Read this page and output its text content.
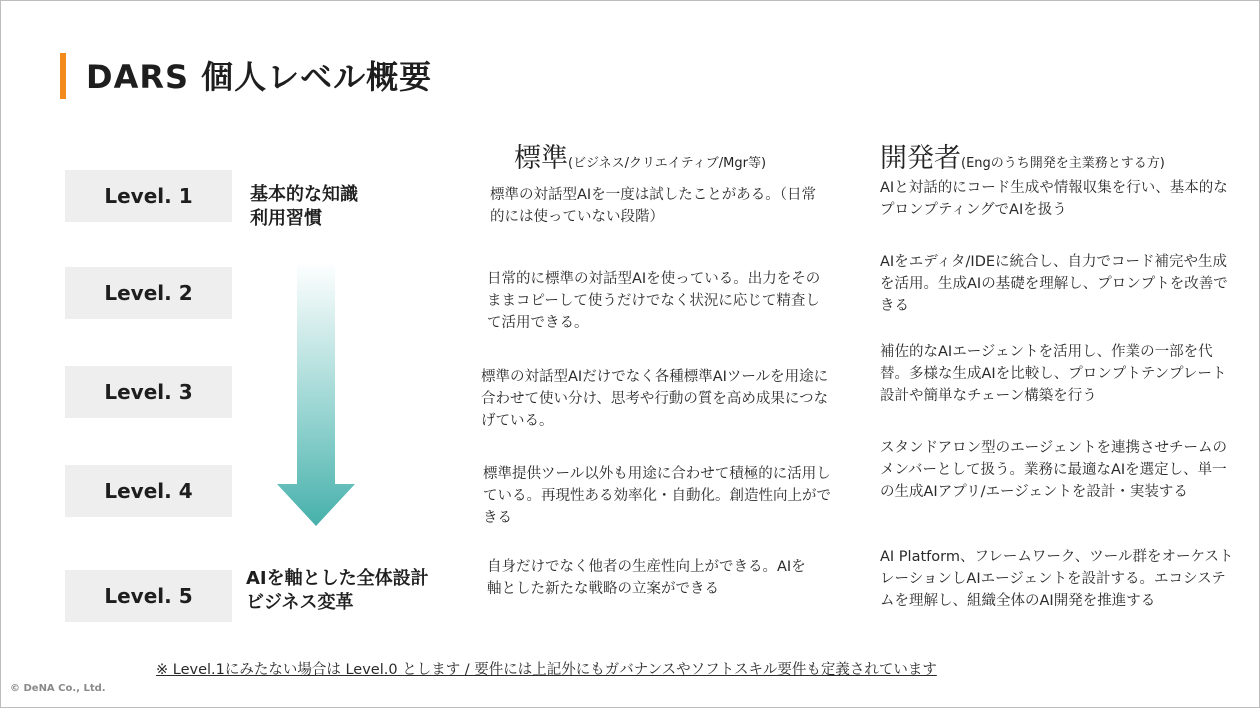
DARS 個人レベル概要
標準(ビジネス/クリエイティブ/Mgr等)	開発者(Engのうち開発を主業務とする方)
Level. 1	基本的な知識
利用習慣
標準の対話型AIを一度は試したことがある。（日常的には使っていない段階）
AIと対話的にコード生成や情報収集を行い、基本的なプロンプティングでAIを扱う
Level. 2
日常的に標準の対話型AIを使っている。出力をそのままコピーして使うだけでなく状況に応じて精査して活用できる。
AIをエディタ/IDEに統合し、自力でコード補完や生成を活用。生成AIの基礎を理解し、プロンプトを改善できる
Level. 3
標準の対話型AIだけでなく各種標準AIツールを用途に合わせて使い分け、思考や行動の質を高め成果につなげている。
補佐的なAIエージェントを活用し、作業の一部を代替。多様な生成AIを比較し、プロンプトテンプレート設計や簡単なチェーン構築を行う
Level. 4
標準提供ツール以外も用途に合わせて積極的に活用している。再現性ある効率化・自動化。創造性向上ができる
スタンドアロン型のエージェントを連携させチームのメンバーとして扱う。業務に最適なAIを選定し、単一の生成AIアプリ/エージェントを設計・実装する
Level. 5
AIを軸とした全体設計
ビジネス変革
自身だけでなく他者の生産性向上ができる。AIを軸とした新たな戦略の立案ができる
AI Platform、フレームワーク、ツール群をオーケストレーションしAIエージェントを設計する。エコシステムを理解し、組織全体のAI開発を推進する
※ Level.1にみたない場合は Level.0 とします / 要件には上記外にもガバナンスやソフトスキル要件も定義されています
© DeNA Co., Ltd.
